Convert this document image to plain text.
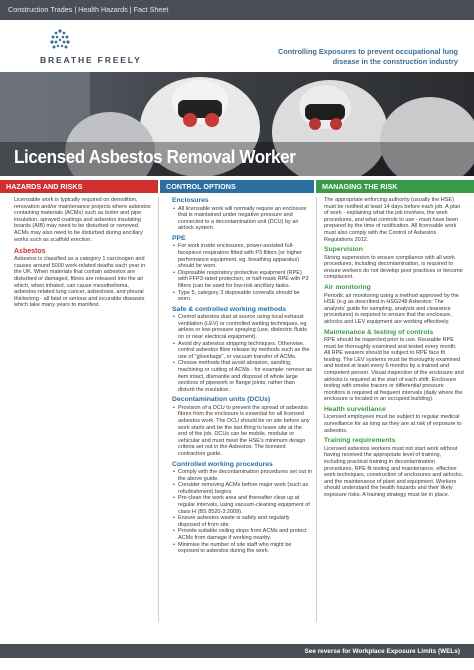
Construction Trades | Health Hazards | Fact Sheet
BREATHE FREELY
Controlling Exposures to prevent occupational lung disease in the construction industry
Licensed Asbestos Removal Worker
HAZARDS AND RISKS	CONTROL OPTIONS	MANAGING THE RISK

Licensable work is typically required on demolition, renovation and/or maintenance projects where asbestos containing materials (ACMs) such as boiler and pipe insulation, sprayed coatings and asbestos insulating boards (AIB) may need to be disturbed or removed. ACMs may also need to be disturbed during ancillary works such as scaffold erection.

Asbestos

Asbestos is classified as a category 1 carcinogen and causes around 5000 work-related deaths each year in the UK. When materials that contain asbestos are disturbed or damaged, fibres are released into the air which, when inhaled, can cause mesothelioma, asbestos-related lung cancer, asbestosis, and pleural thickening - all fatal or serious and incurable diseases which take many years to manifest.

Enclosures
• All licensable work will normally require an enclosure that is maintained under negative pressure and connected to a decontamination unit (DCU) by an airlock system.
PPE
• For work inside enclosures, power-assisted full-facepiece respirators fitted with P3 filters (or higher performance equipment, eg. breathing apparatus) should be worn.
• Disposable respiratory protective equipment (RPE) with FFP3-rated protection, or half-mask RPE with P3 filters (can be used for low-risk ancillary tasks.
• Type 5, category 3 disposable coveralls should be worn.
Safe & controlled working methods
• Control asbestos dust at source using local exhaust ventilation (LEV) or controlled wetting techniques, eg airless or low-pressure spraying (use, dielectric fluids on or near electrical equipment).
• Avoid dry asbestos stripping techniques. Otherwise, control asbestos fibre release by methods such as the use of "glovebags", or vacuum transfer of ACMs.
• Choose methods that avoid abrasion, sanding, machining or cutting of ACMs - for example: remove as item intact, dismantle and disposal of whole large sections of pipework or flange joints, rather than disturb the insulation.
Decontamination units (DCUs)
• Provision of a DCU to prevent the spread of asbestos fibres from the enclosure is essential for all licensed asbestos work. The DCU should be on site before any work starts and be the last thing to leave site at the end of the job. DCUs can be mobile, modular or vehicular and must meet the HSE's minimum design criteria set out in the Asbestos: The licensed contractors guide.
Controlled working procedures
• Comply with the decontamination procedures set out in the above guide.
• Consider removing ACMs before major work (such as refurbishment) begins.
• Pre-clean the work area and thereafter clear up at regular intervals, using vacuum-cleaning equipment of class H (BS 8520-3:2009).
• Ensure asbestos waste is safely and regularly disposed of from site.
• Provide suitable ceiling stops from ACMs and protect ACMs from damage if working nearby.
• Minimise the number of site staff who might be exposed to asbestos during the work.

The appropriate enforcing authority (usually the HSE) must be notified at least 14 days before each job. A plan of work - explaining what the job involves, the work procedures, and what controls to use - must have been prepared by the time of notification. All licensable work must also comply with the Control of Asbestos Regulations 2012.

Supervision

Strong supervision to ensure compliance with all work procedures, including decontamination, is required to ensure workers do not develop poor practices or become complacent.

Air monitoring

Periodic air monitoring using a method approved by the HSE (e.g as described in HSG248 Asbestos: The analysts' guide for sampling, analysis and clearance procedures) is required to ensure that the enclosure, airlocks and LEV equipment are working effectively.

Maintenance & testing of controls

RPE should be inspected prior to use. Reusable RPE must be thoroughly examined and tested every month. All RPE wearers should be subject to RPE face fit testing. The LEV systems must be thoroughly examined and tested at least every 6 months by a trained and competent person. Visual inspection of the enclosure and airlocks is required at the start of each shift. Enclosure testing with smoke tracers or differential pressure monitors is required at frequent intervals (daily where the enclosure is located in an occupied building).

Health surveillance

Licensed employees must be subject to regular medical surveillance for as long as they are at risk of exposure to asbestos.

Training requirements

Licensed asbestos workers must not start work without having received the appropriate level of training, including practical training in decontamination procedures, RPE fit testing and maintenance, effective work techniques, construction of enclosures and airlocks, and the maintenance of plant and equipment. Workers should understand the health hazards and their likely exposure risks. A training strategy must be in place.

See reverse for Workplace Exposure Limits (WELs)
